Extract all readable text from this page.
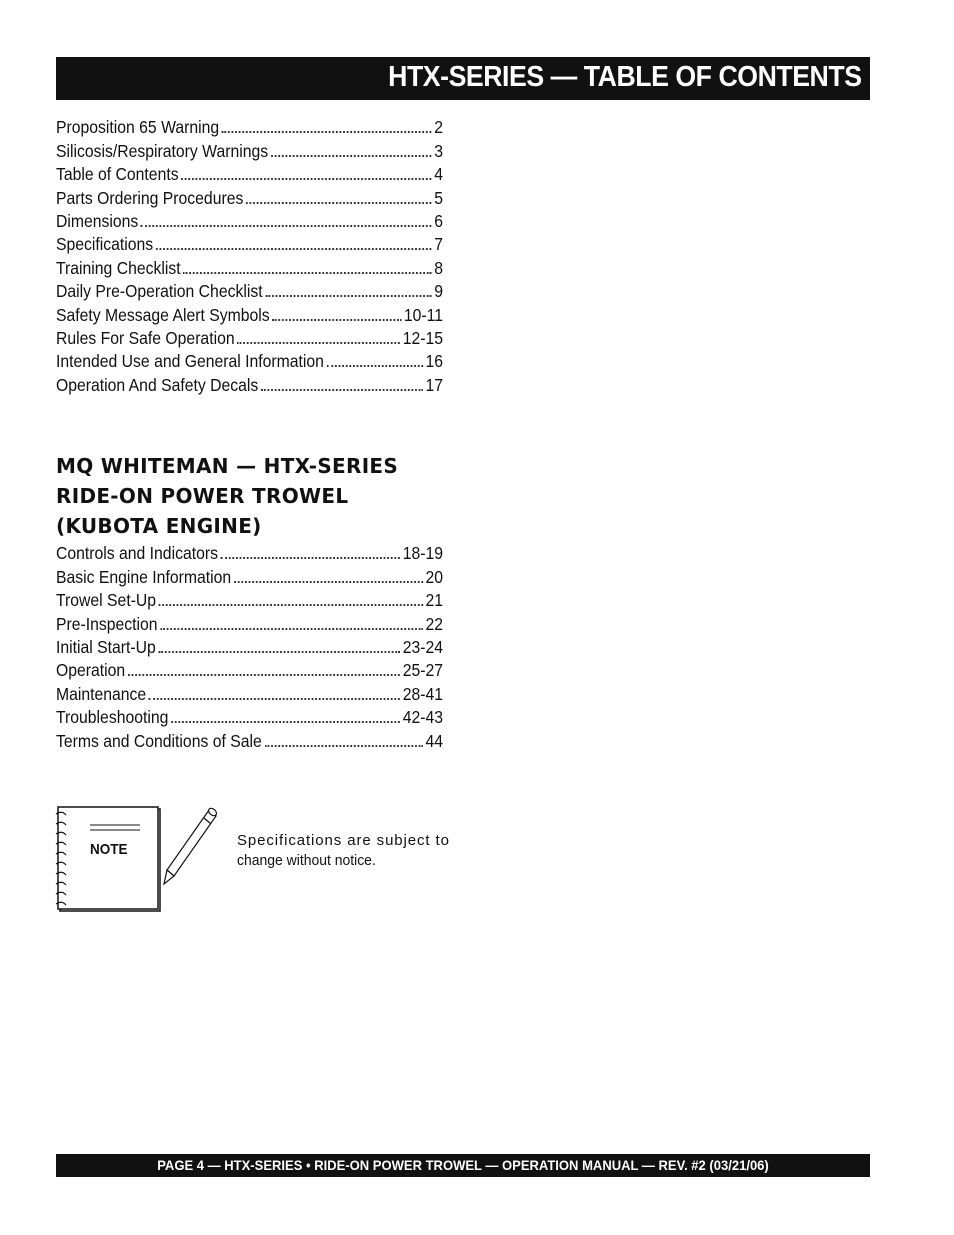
HTX-SERIES — TABLE OF CONTENTS
Proposition 65 Warning	2
Silicosis/Respiratory Warnings	3
Table of Contents	4
Parts Ordering Procedures	5
Dimensions	6
Specifications	7
Training Checklist	8
Daily Pre-Operation Checklist	9
Safety Message Alert Symbols	10-11
Rules For Safe Operation	12-15
Intended Use and General Information	16
Operation And Safety Decals	17
MQ WHITEMAN — HTX-SERIES
RIDE-ON POWER TROWEL
(KUBOTA ENGINE)
Controls and Indicators	18-19
Basic Engine Information	20
Trowel Set-Up	21
Pre-Inspection	22
Initial Start-Up	23-24
Operation	25-27
Maintenance	28-41
Troubleshooting	42-43
Terms and Conditions of Sale	44
NOTE
Specifications are subject to
change without notice.
PAGE 4 — HTX-SERIES • RIDE-ON POWER TROWEL — OPERATION MANUAL — REV. #2 (03/21/06)
